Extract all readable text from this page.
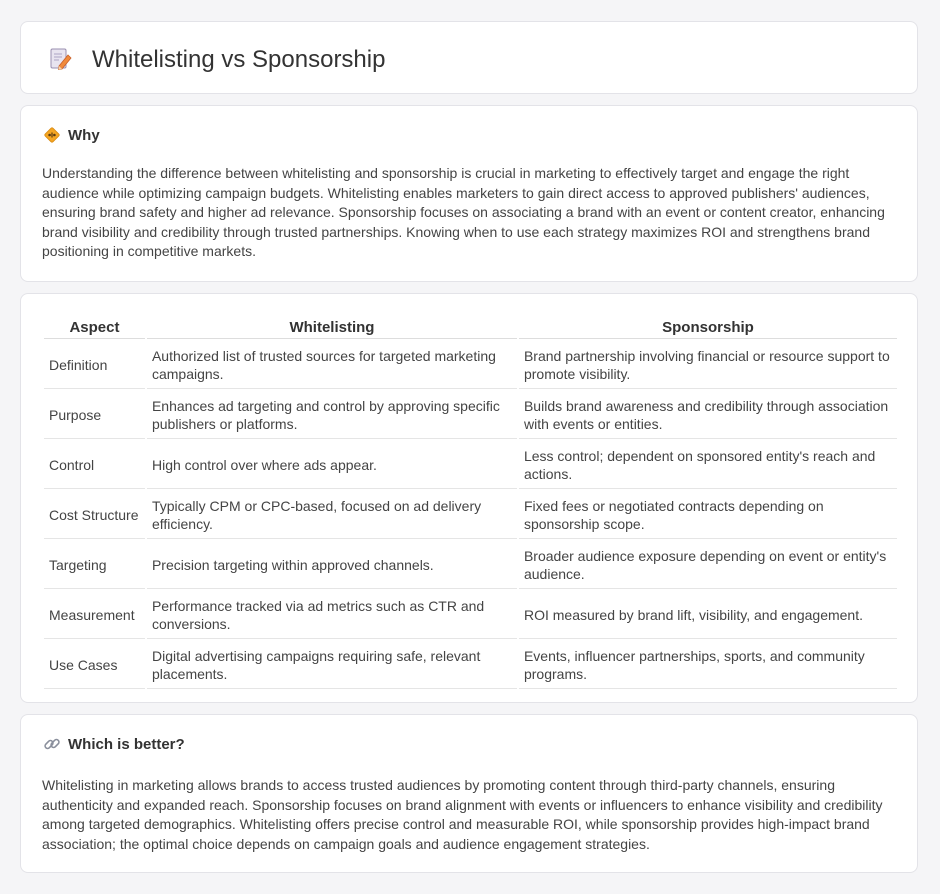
Whitelisting vs Sponsorship
Why

Understanding the difference between whitelisting and sponsorship is crucial in marketing to effectively target and engage the right audience while optimizing campaign budgets. Whitelisting enables marketers to gain direct access to approved publishers' audiences, ensuring brand safety and higher ad relevance. Sponsorship focuses on associating a brand with an event or content creator, enhancing brand visibility and credibility through trusted partnerships. Knowing when to use each strategy maximizes ROI and strengthens brand positioning in competitive markets.

Aspect	Whitelisting	Sponsorship
Definition	Authorized list of trusted sources for targeted marketing campaigns.	Brand partnership involving financial or resource support to promote visibility.
Purpose	Enhances ad targeting and control by approving specific publishers or platforms.	Builds brand awareness and credibility through association with events or entities.
Control	High control over where ads appear.	Less control; dependent on sponsored entity's reach and actions.
Cost Structure	Typically CPM or CPC-based, focused on ad delivery efficiency.	Fixed fees or negotiated contracts depending on sponsorship scope.
Targeting	Precision targeting within approved channels.	Broader audience exposure depending on event or entity's audience.
Measurement	Performance tracked via ad metrics such as CTR and conversions.	ROI measured by brand lift, visibility, and engagement.
Use Cases	Digital advertising campaigns requiring safe, relevant placements.	Events, influencer partnerships, sports, and community programs.
Which is better?

Whitelisting in marketing allows brands to access trusted audiences by promoting content through third-party channels, ensuring authenticity and expanded reach. Sponsorship focuses on brand alignment with events or influencers to enhance visibility and credibility among targeted demographics. Whitelisting offers precise control and measurable ROI, while sponsorship provides high-impact brand association; the optimal choice depends on campaign goals and audience engagement strategies.
